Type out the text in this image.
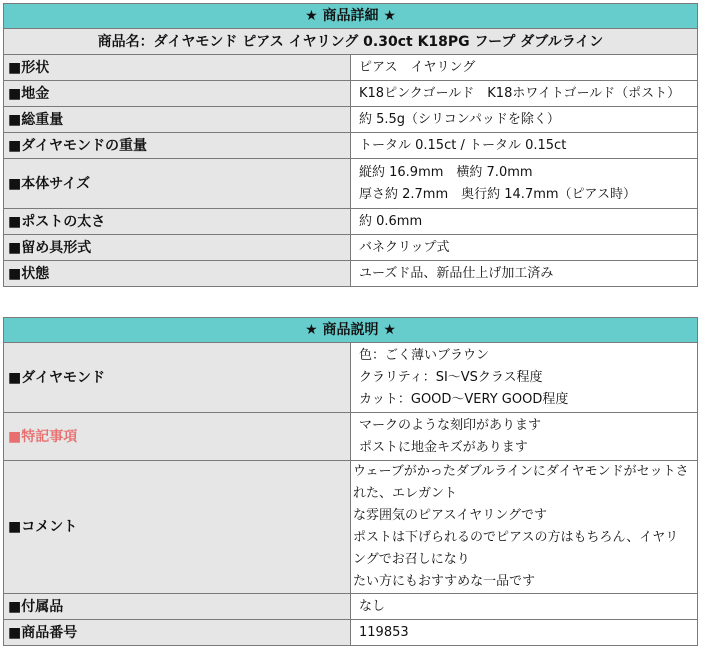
★ 商品詳細 ★	
商品名：ダイヤモンド ピアス イヤリング 0.30ct K18PG フープ ダブルライン	
■形状	ピアス　イヤリング
■地金	K18ピンクゴールド　K18ホワイトゴールド（ポスト）
■総重量	約 5.5g（シリコンパッドを除く）
■ダイヤモンドの重量	トータル 0.15ct / トータル 0.15ct
■本体サイズ	縦約 16.9mm　横約 7.0mm
厚さ約 2.7mm　奥行約 14.7mm（ピアス時）

■ポストの太さ	約 0.6mm
■留め具形式	バネクリップ式
■状態	ユーズド品、新品仕上げ加工済み
★ 商品説明 ★	
■ダイヤモンド	色：ごく薄いブラウン
クラリティ：SI～VSクラス程度
カット：GOOD～VERY GOOD程度

■特記事項	マークのような刻印があります
ポストに地金キズがあります

■コメント	ウェーブがかったダブルラインにダイヤモンドがセットされた、エレガント
な雰囲気のピアスイヤリングです
ポストは下げられるのでピアスの方はもちろん、イヤリングでお召しになり
たい方にもおすすめな一品です

■付属品	なし
■商品番号	119853
